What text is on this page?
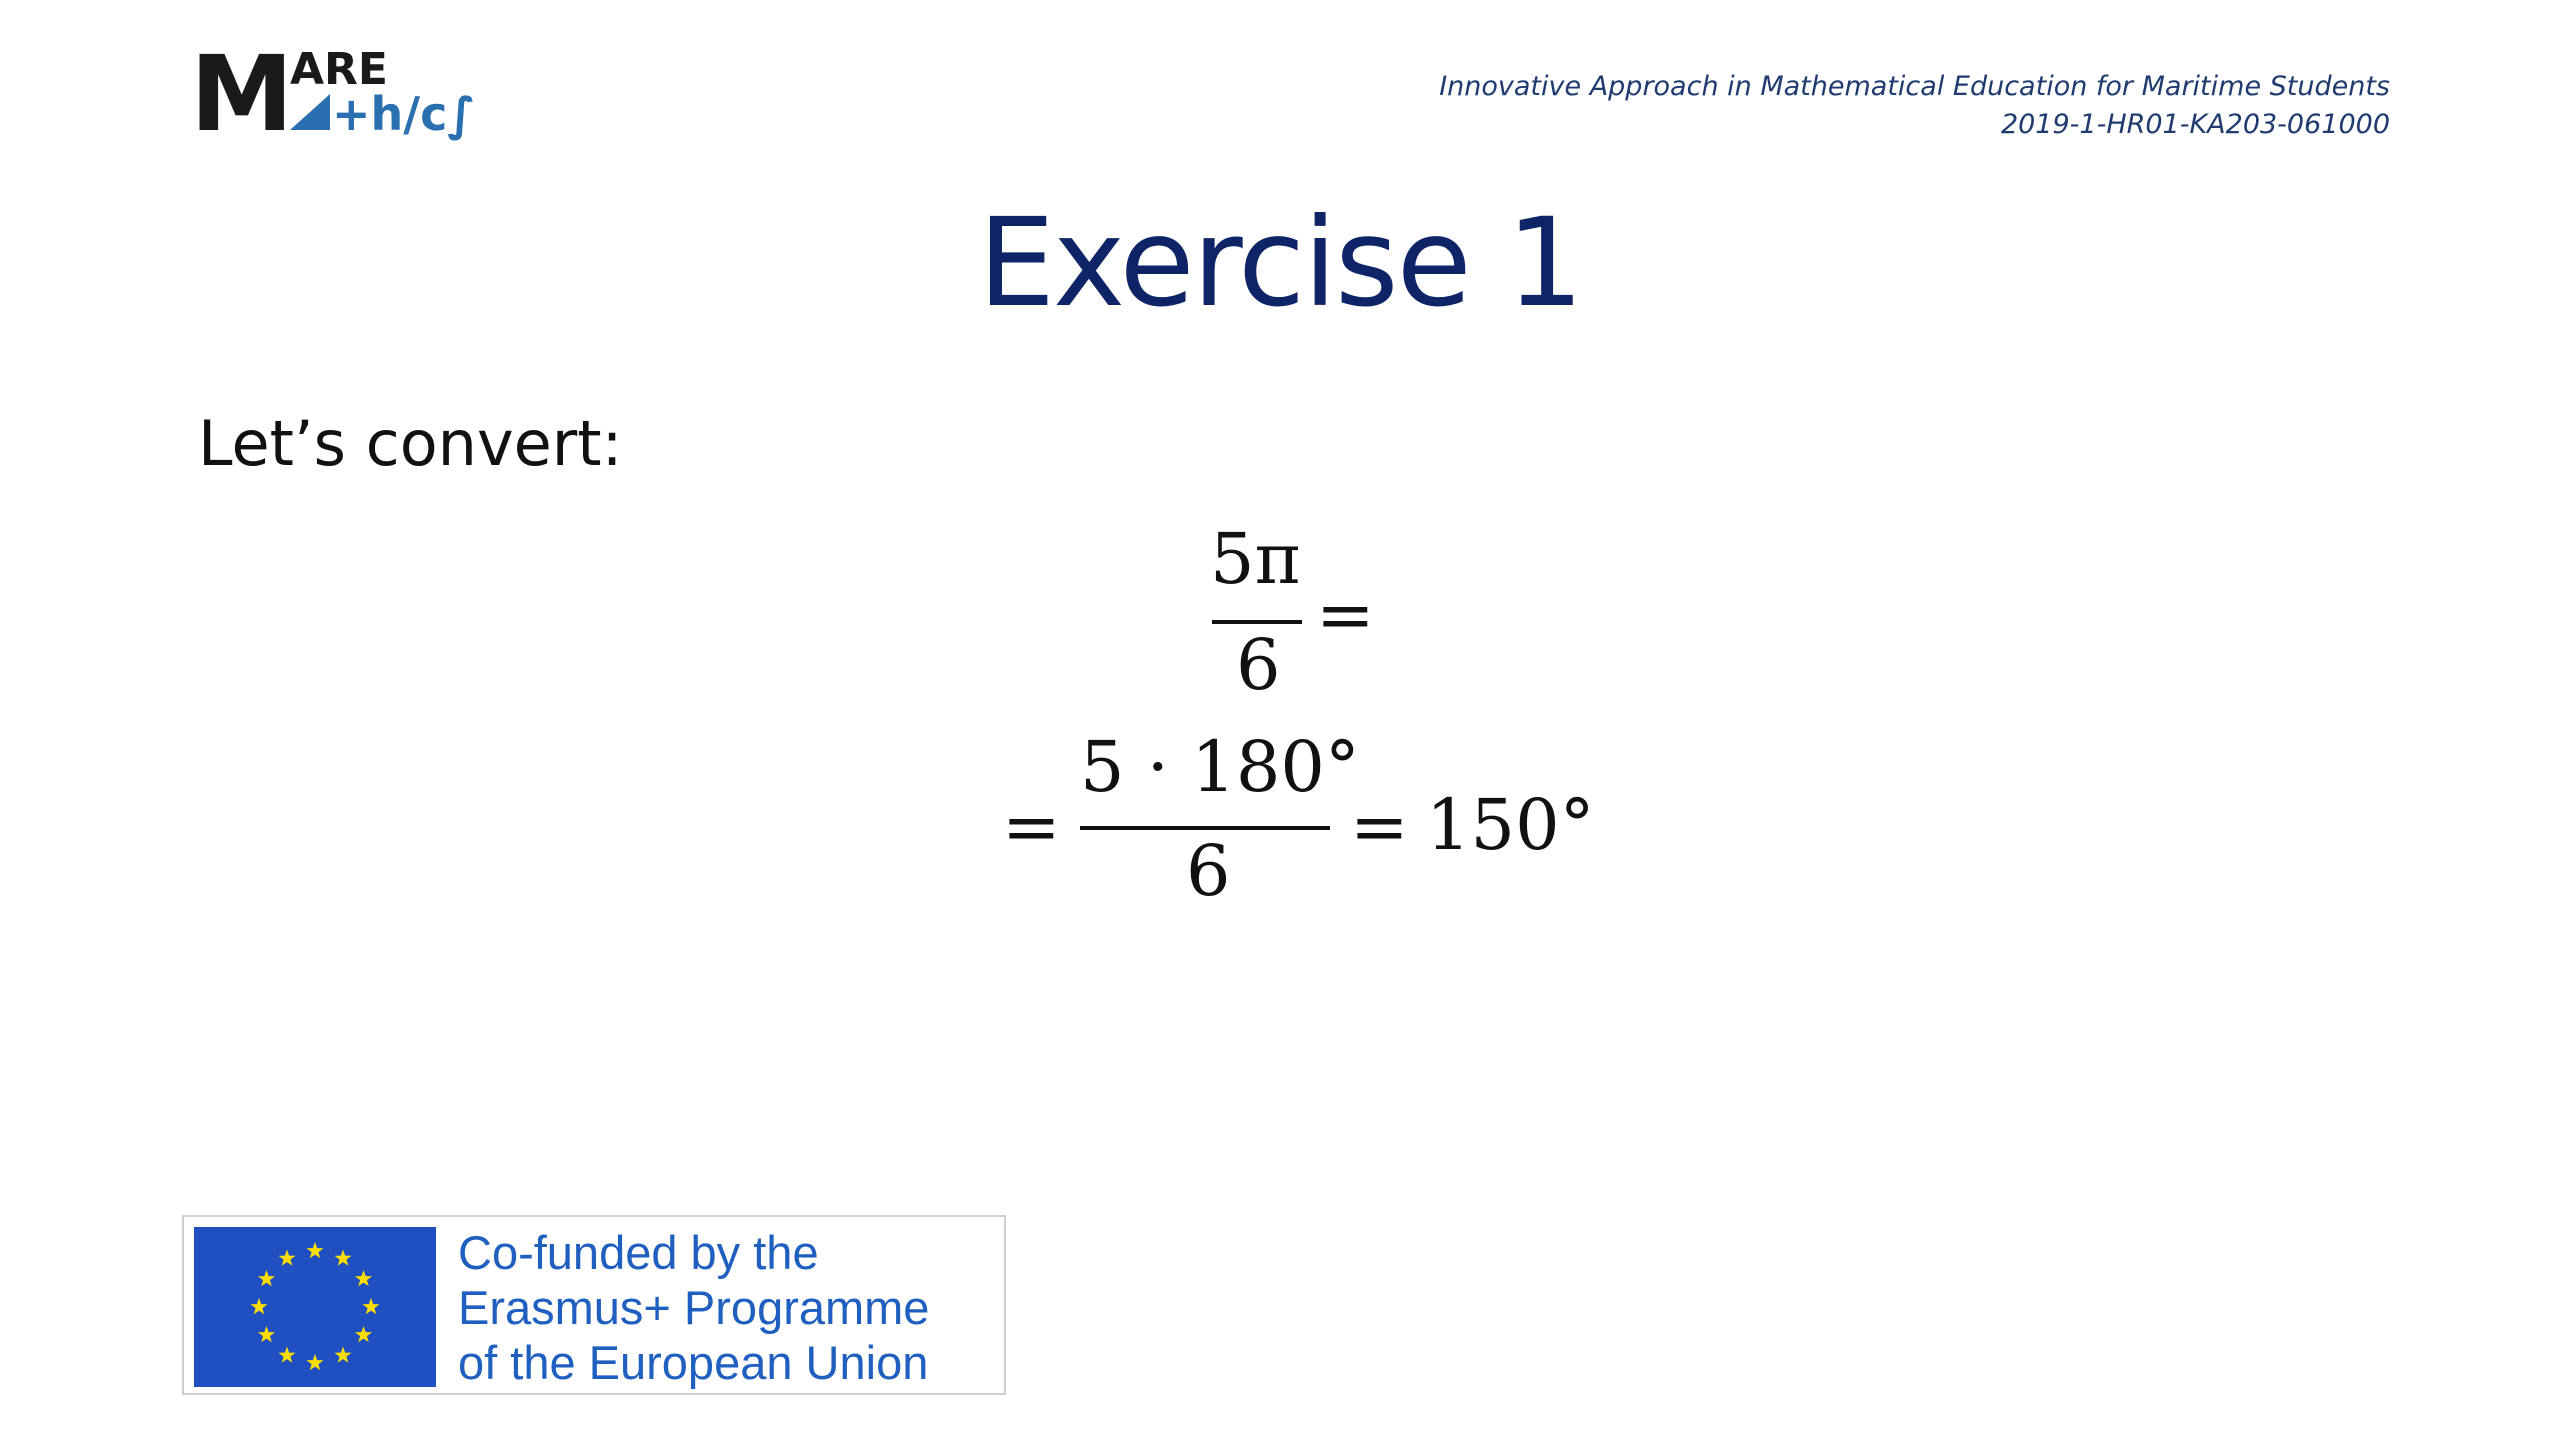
M
ARE
+h/c∫
Innovative Approach in Mathematical Education for Maritime Students
2019-1-HR01-KA203-061000
Exercise 1
Let’s convert:
5π
6
=
=
5 · 180°
6
= 150°
Co-funded by the
Erasmus+ Programme
of the European Union
